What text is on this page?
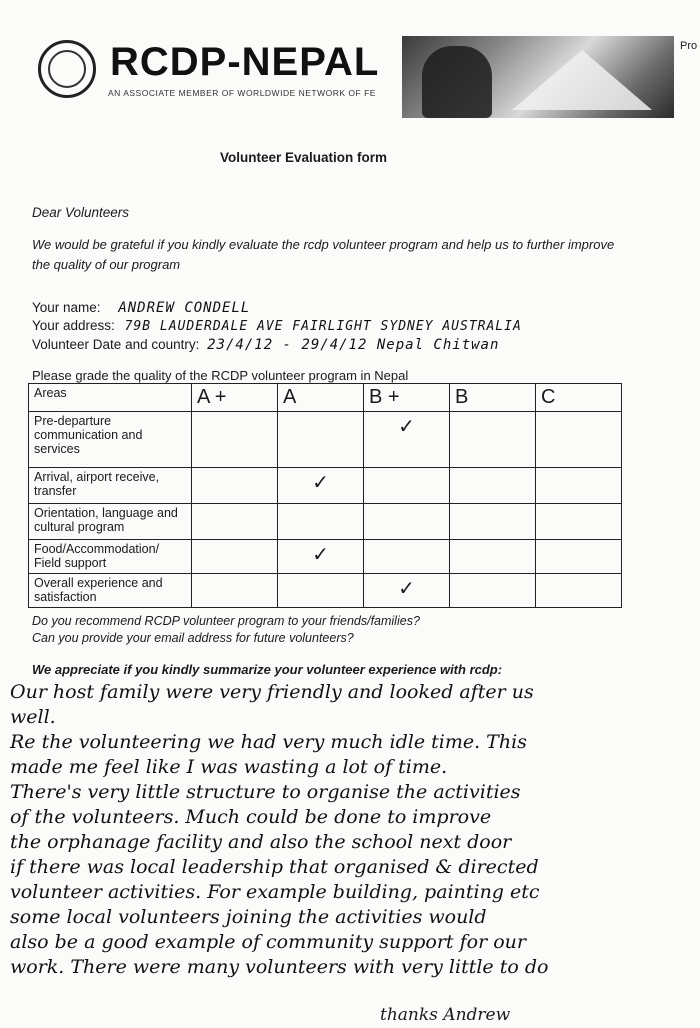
RCDP-NEPAL
AN ASSOCIATE MEMBER OF WORLDWIDE NETWORK OF FE
Pro
Volunteer Evaluation form
Dear Volunteers
We would be grateful if you kindly evaluate the rcdp volunteer program and help us to further improve the quality of our program
Your name: ANDREW CONDELL
Your address: 79B LAUDERDALE AVE FAIRLIGHT SYDNEY AUSTRALIA
Volunteer Date and country: 23/4/12 - 29/4/12 Nepal Chitwan
Please grade the quality of the RCDP volunteer program in Nepal
Areas	A +	A	B +	B	C
Pre-departure communication and services			✓		
Arrival, airport receive, transfer		✓			
Orientation, language and cultural program					
Food/Accommodation/ Field support		✓			
Overall experience and satisfaction			✓		
Do you recommend RCDP volunteer program to your friends/families?
Can you provide your email address for future volunteers?
We appreciate if you kindly summarize your volunteer experience with rcdp:
Our host family were very friendly and looked after us
well.
Re the volunteering we had very much idle time. This
made me feel like I was wasting a lot of time.
There's very little structure to organise the activities
of the volunteers. Much could be done to improve
the orphanage facility and also the school next door
if there was local leadership that organised & directed
volunteer activities. For example building, painting etc
some local volunteers joining the activities would
also be a good example of community support for our
work. There were many volunteers with very little to do
thanks Andrew
